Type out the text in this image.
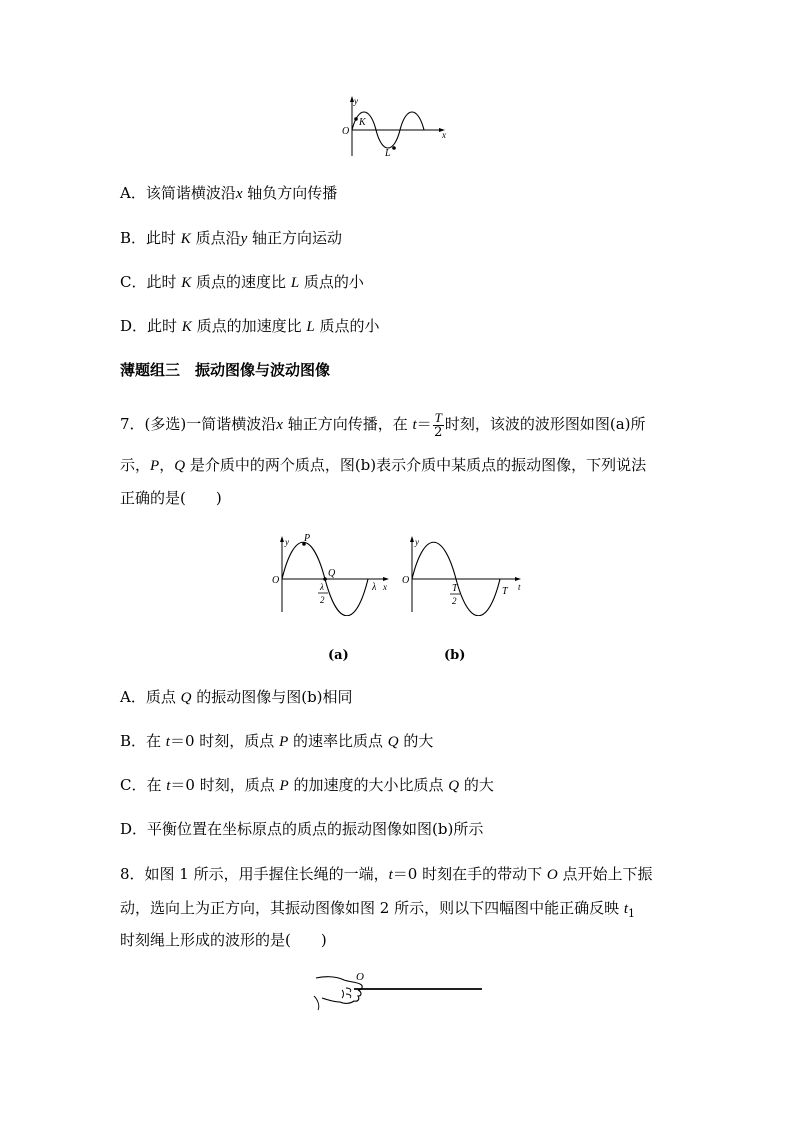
y
O	x
K
L
A．该简谐横波沿x 轴负方向传播
B．此时 K 质点沿y 轴正方向运动
C．此时 K 质点的速度比 L 质点的小
D．此时 K 质点的加速度比 L 质点的小
薄题组三　振动图像与波动图像
7．(多选)一简谐横波沿x 轴正方向传播，在 $t= \frac{T}{2}$ 时刻，该波的波形图如图(a)所
示，P，Q 是介质中的两个质点，图(b)表示介质中某质点的振动图像，下列说法
正确的是(　　)
y P
O
Q
λ
2
λ x
y
O
T
2
T t
(a)	(b)
A．质点 Q 的振动图像与图(b)相同
B．在 t＝0 时刻，质点 P 的速率比质点 Q 的大
C．在 t＝0 时刻，质点 P 的加速度的大小比质点 Q 的大
D．平衡位置在坐标原点的质点的振动图像如图(b)所示
8．如图 1 所示，用手握住长绳的一端，t＝0 时刻在手的带动下 O 点开始上下振
动，选向上为正方向，其振动图像如图 2 所示，则以下四幅图中能正确反映 $t_1$
时刻绳上形成的波形的是(　　)
O
